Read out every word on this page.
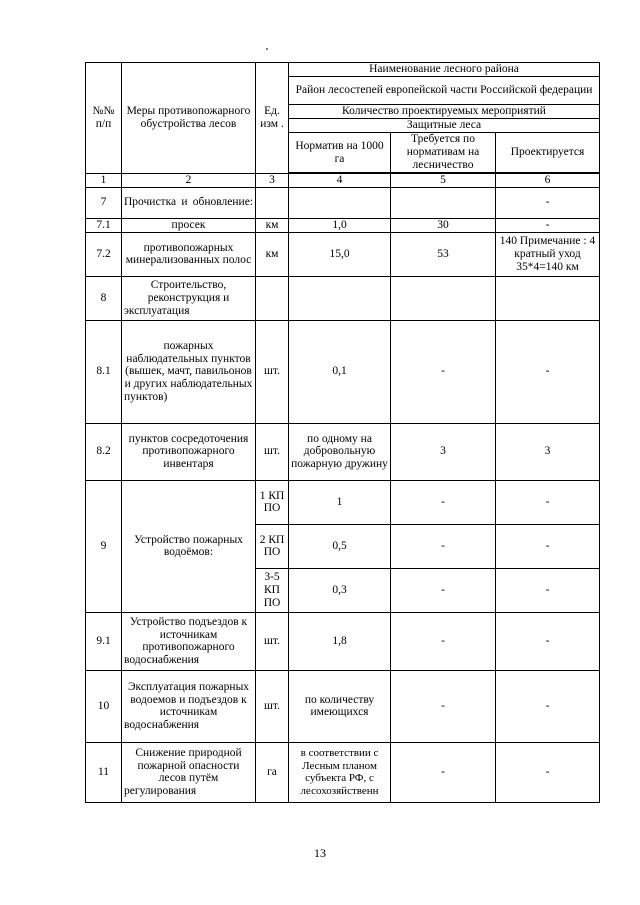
№№ п/п	Меры противопожарного обустройства лесов	Ед. изм .	Наименование лесного района		
			Район лесостепей европейской части Российской федерации		
			Количество проектируемых мероприятий		
			Защитные леса		
			Норматив на 1000 га	Требуется по нормативам на лесничество	Проектируется

1	2	3	4	5	6
7	Прочистка и обновление:				-
7.1	просек	км	1,0	30	-
7.2	противопожарных минерализованных полос	км	15,0	53	140 Примечание : 4 кратный уход 35*4=140 км
8	Строительство, реконструкция и эксплуатация				
8.1	пожарных наблюдательных пунктов (вышек, мачт, павильонов и других наблюдательных пунктов)	шт.	0,1	-	-
8.2	пунктов сосредоточения противопожарного инвентаря	шт.	по одному на добровольную пожарную дружину	3	3
9	Устройство пожарных водоёмов:	1 КП ПО	1	-	-
		2 КП ПО	0,5	-	-
		3-5 КП ПО	0,3	-	-
9.1	Устройство подъездов к источникам противопожарного водоснабжения	шт.	1,8	-	-
10	Эксплуатация пожарных водоемов и подъездов к источникам водоснабжения	шт.	по количеству имеющихся	-	-
11	Снижение природной пожарной опасности лесов путём регулирования	га	в соответствии с Лесным планом субъекта РФ, с лесохозяйственн	-	-
13
